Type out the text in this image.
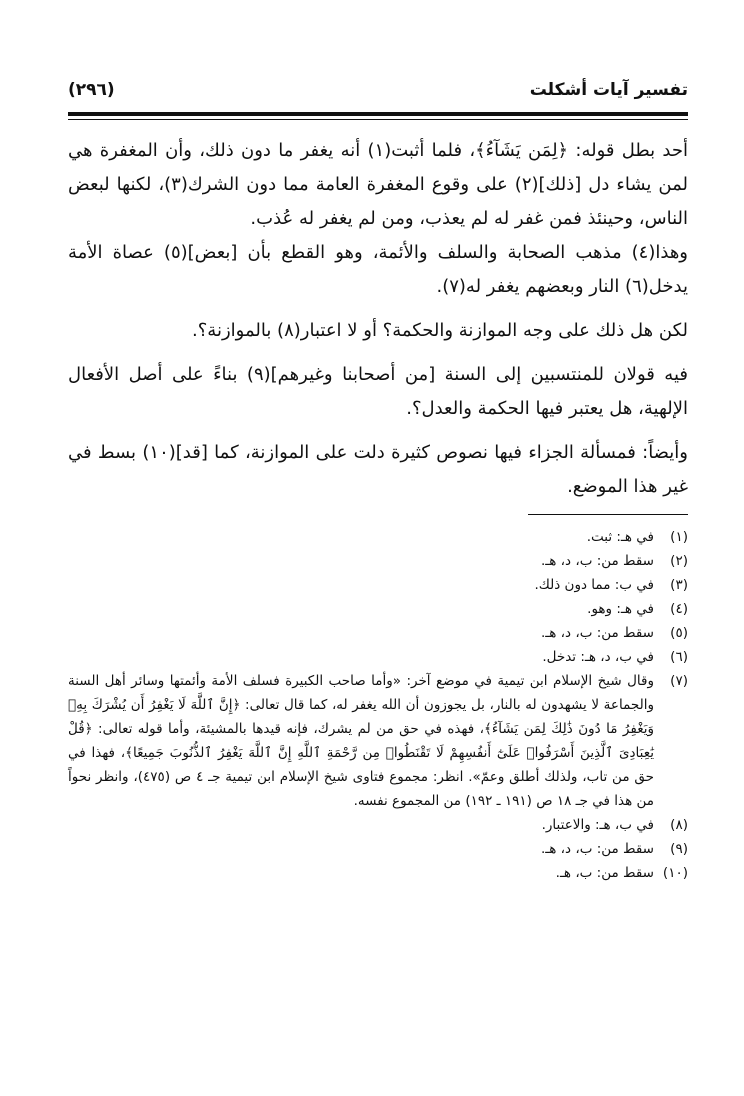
تفسير آيات أشكلت
(٢٩٦)

أحد بطل قوله: ﴿لِمَن يَشَآءُ﴾، فلما أثبت(١) أنه يغفر ما دون ذلك، وأن المغفرة هي لمن يشاء دل [ذلك](٢) على وقوع المغفرة العامة مما دون الشرك(٣)، لكنها لبعض الناس، وحينئذ فمن غفر له لم يعذب، ومن لم يغفر له عُذب.

وهذا(٤) مذهب الصحابة والسلف والأئمة، وهو القطع بأن [بعض](٥) عصاة الأمة يدخل(٦) النار وبعضهم يغفر له(٧).

لكن هل ذلك على وجه الموازنة والحكمة؟ أو لا اعتبار(٨) بالموازنة؟.

فيه قولان للمنتسبين إلى السنة [من أصحابنا وغيرهم](٩) بناءً على أصل الأفعال الإلهية، هل يعتبر فيها الحكمة والعدل؟.

وأيضاً: فمسألة الجزاء فيها نصوص كثيرة دلت على الموازنة، كما [قد](١٠) بسط في غير هذا الموضع.

(١)
في هـ: ثبت.
(٢)
سقط من: ب، د، هـ.
(٣)
في ب: مما دون ذلك.
(٤)
في هـ: وهو.
(٥)
سقط من: ب، د، هـ.
(٦)
في ب، د، هـ: تدخل.
(٧)
وقال شيخ الإسلام ابن تيمية في موضع آخر: «وأما صاحب الكبيرة فسلف الأمة وأئمتها وسائر أهل السنة والجماعة لا يشهدون له بالنار، بل يجوزون أن الله يغفر له، كما قال تعالى: ﴿إِنَّ ٱللَّهَ لَا يَغْفِرُ أَن يُشْرَكَ بِهِۦ وَيَغْفِرُ مَا دُونَ ذَٰلِكَ لِمَن يَشَآءُ﴾، فهذه في حق من لم يشرك، فإنه قيدها بالمشيئة، وأما قوله تعالى: ﴿قُلْ يَٰعِبَادِىَ ٱلَّذِينَ أَسْرَفُوا۟ عَلَىٰٓ أَنفُسِهِمْ لَا تَقْنَطُوا۟ مِن رَّحْمَةِ ٱللَّهِ إِنَّ ٱللَّهَ يَغْفِرُ ٱلذُّنُوبَ جَمِيعًا﴾، فهذا في حق من تاب، ولذلك أطلق وعمّ». انظر: مجموع فتاوى شيخ الإسلام ابن تيمية جـ ٤ ص (٤٧٥)، وانظر نحواً من هذا في جـ ١٨ ص (١٩١ ـ ١٩٢) من المجموع نفسه.
(٨)
في ب، هـ: والاعتبار.
(٩)
سقط من: ب، د، هـ.
(١٠)
سقط من: ب، هـ.
